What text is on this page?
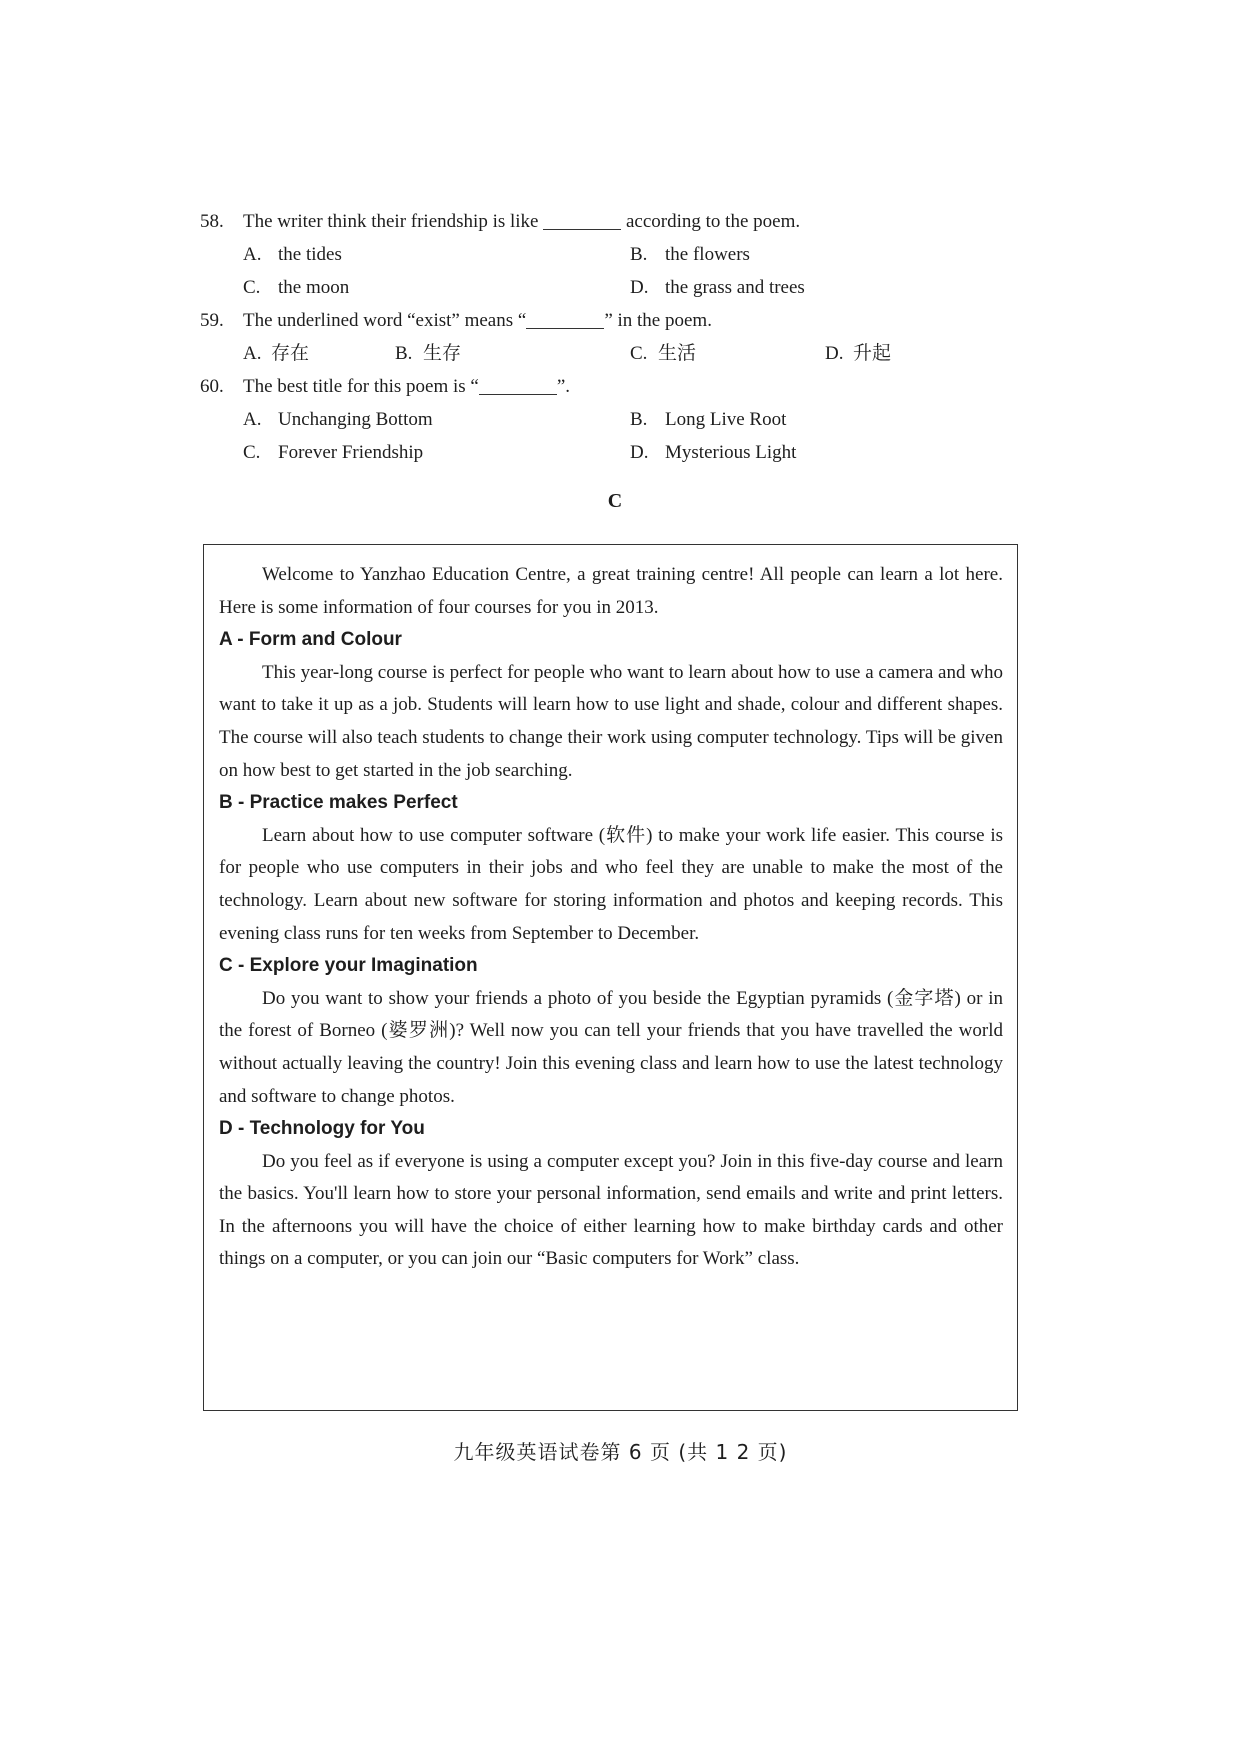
58. The writer think their friendship is like	according to the poem.
A. the tides	B. the flowers
C. the moon	D. the grass and trees
59. The underlined word “exist” means “	” in the poem.
A. 存在	B. 生存	C. 生活	D. 升起
60. The best title for this poem is “	”.
A. Unchanging Bottom	B. Long Live Root
C. Forever Friendship	D. Mysterious Light
C

Welcome to Yanzhao Education Centre, a great training centre! All people can learn a lot here. Here is some information of four courses for you in 2013.

A - Form and Colour

This year-long course is perfect for people who want to learn about how to use a camera and who want to take it up as a job. Students will learn how to use light and shade, colour and different shapes. The course will also teach students to change their work using computer technology. Tips will be given on how best to get started in the job searching.

B - Practice makes Perfect

Learn about how to use computer software (软件) to make your work life easier. This course is for people who use computers in their jobs and who feel they are unable to make the most of the technology. Learn about new software for storing information and photos and keeping records. This evening class runs for ten weeks from September to December.

C - Explore your Imagination

Do you want to show your friends a photo of you beside the Egyptian pyramids (金字塔) or in the forest of Borneo (婆罗洲)? Well now you can tell your friends that you have travelled the world without actually leaving the country! Join this evening class and learn how to use the latest technology and software to change photos.

D - Technology for You

Do you feel as if everyone is using a computer except you? Join in this five-day course and learn the basics. You'll learn how to store your personal information, send emails and write and print letters. In the afternoons you will have the choice of either learning how to make birthday cards and other things on a computer, or you can join our “Basic computers for Work” class.

九年级英语试卷第 6 页 (共 1 2 页)
